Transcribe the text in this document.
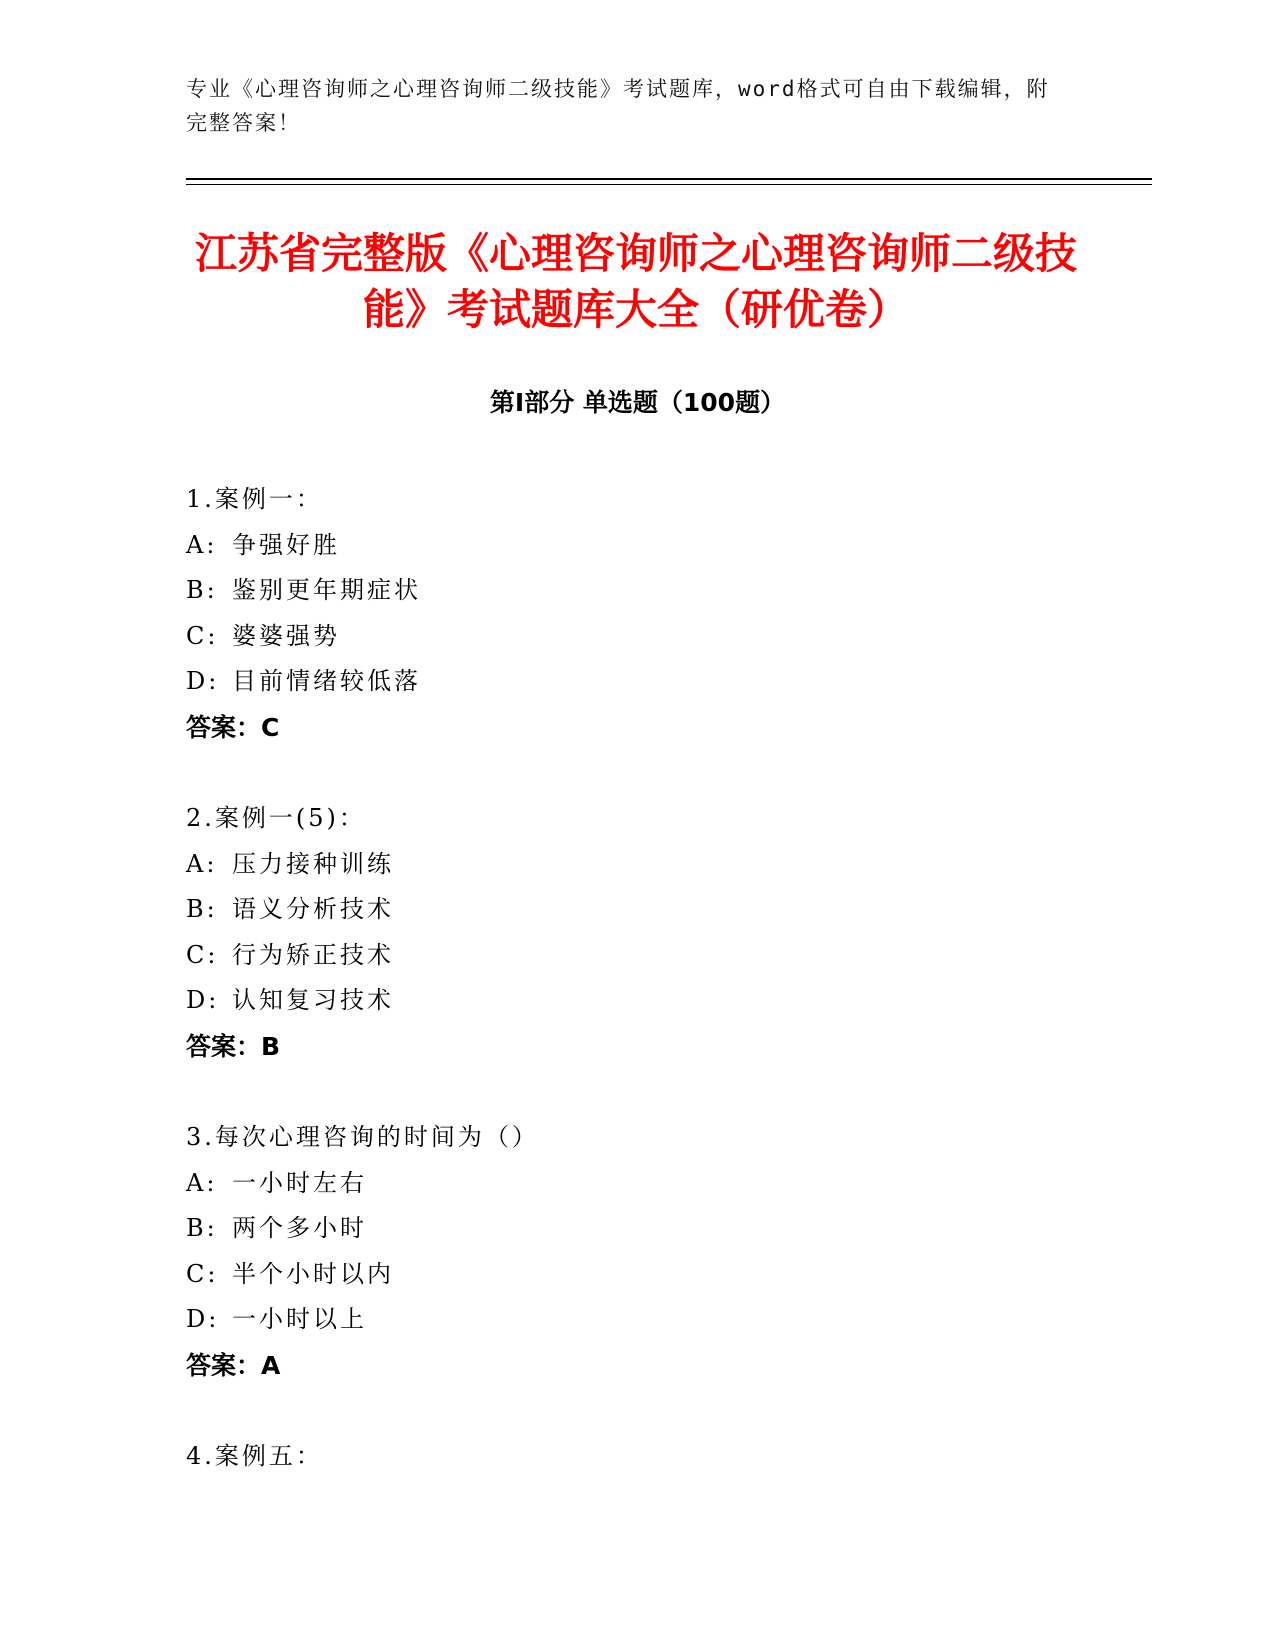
专业《心理咨询师之心理咨询师二级技能》考试题库，word格式可自由下载编辑，附完整答案！
江苏省完整版《心理咨询师之心理咨询师二级技能》考试题库大全（研优卷）
第I部分 单选题（100题）
1.案例一：
A: 争强好胜
B: 鉴别更年期症状
C: 婆婆强势
D: 目前情绪较低落
答案：C
2.案例一(5)：
A: 压力接种训练
B: 语义分析技术
C: 行为矫正技术
D: 认知复习技术
答案：B
3.每次心理咨询的时间为（）
A: 一小时左右
B: 两个多小时
C: 半个小时以内
D: 一小时以上
答案：A
4.案例五：
